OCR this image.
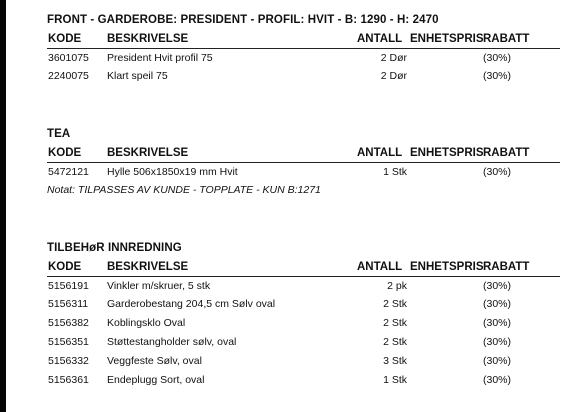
FRONT - GARDEROBE: PRESIDENT - PROFIL: HVIT - B: 1290 - H: 2470
KODE BESKRIVELSE	ANTALL ENHETSPRIS RABATT
3601075 President Hvit profil 75	2 Dør	(30%)
2240075 Klart speil 75	2 Dør	(30%)
TEA
KODE BESKRIVELSE	ANTALL ENHETSPRIS RABATT
5472121 Hylle 506x1850x19 mm Hvit	1 Stk	(30%)
Notat: TILPASSES AV KUNDE - TOPPLATE - KUN B:1271
TILBEHøR INNREDNING
KODE BESKRIVELSE	ANTALL ENHETSPRIS RABATT
5156191 Vinkler m/skruer, 5 stk	2 pk	(30%)
5156311 Garderobestang 204,5 cm Sølv oval	2 Stk	(30%)
5156382 Koblingsklo Oval	2 Stk	(30%)
5156351 Støttestangholder sølv, oval	2 Stk	(30%)
5156332 Veggfeste Sølv, oval	3 Stk	(30%)
5156361 Endeplugg Sort, oval	1 Stk	(30%)
